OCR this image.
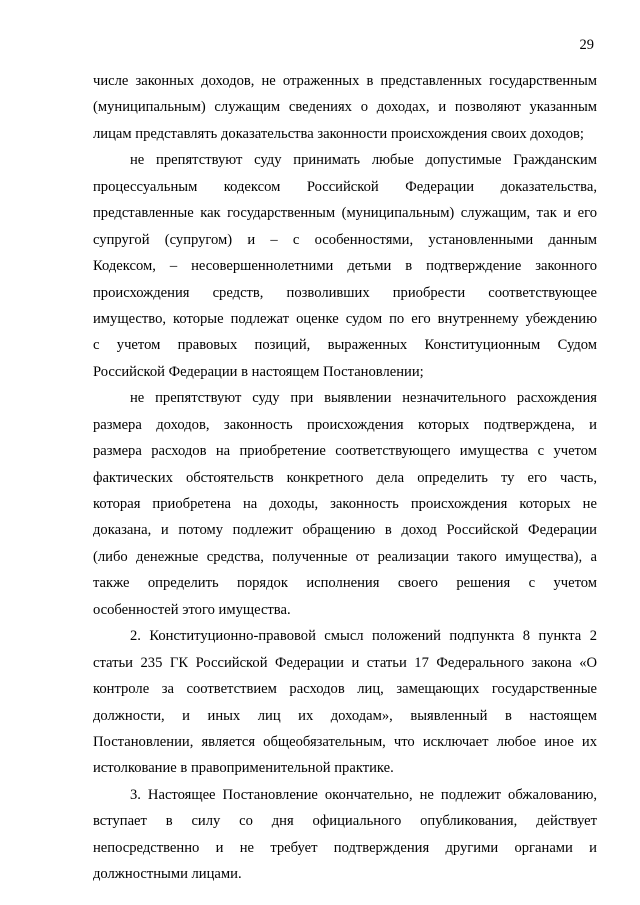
29
числе законных доходов, не отраженных в представленных государственным
(муниципальным) служащим сведениях о доходах, и позволяют указанным
лицам представлять доказательства законности происхождения своих доходов;
не препятствуют суду принимать любые допустимые Гражданским
процессуальным кодексом Российской Федерации доказательства,
представленные как государственным (муниципальным) служащим, так и его
супругой (супругом) и – с особенностями, установленными данным
Кодексом, – несовершеннолетними детьми в подтверждение законного
происхождения средств, позволивших приобрести соответствующее
имущество, которые подлежат оценке судом по его внутреннему убеждению
с учетом правовых позиций, выраженных Конституционным Судом
Российской Федерации в настоящем Постановлении;
не препятствуют суду при выявлении незначительного расхождения
размера доходов, законность происхождения которых подтверждена, и
размера расходов на приобретение соответствующего имущества с учетом
фактических обстоятельств конкретного дела определить ту его часть,
которая приобретена на доходы, законность происхождения которых не
доказана, и потому подлежит обращению в доход Российской Федерации
(либо денежные средства, полученные от реализации такого имущества), а
также определить порядок исполнения своего решения с учетом
особенностей этого имущества.
2. Конституционно-правовой смысл положений подпункта 8 пункта 2
статьи 235 ГК Российской Федерации и статьи 17 Федерального закона «О
контроле за соответствием расходов лиц, замещающих государственные
должности, и иных лиц их доходам», выявленный в настоящем
Постановлении, является общеобязательным, что исключает любое иное их
истолкование в правоприменительной практике.
3. Настоящее Постановление окончательно, не подлежит обжалованию,
вступает в силу со дня официального опубликования, действует
непосредственно и не требует подтверждения другими органами и
должностными лицами.
